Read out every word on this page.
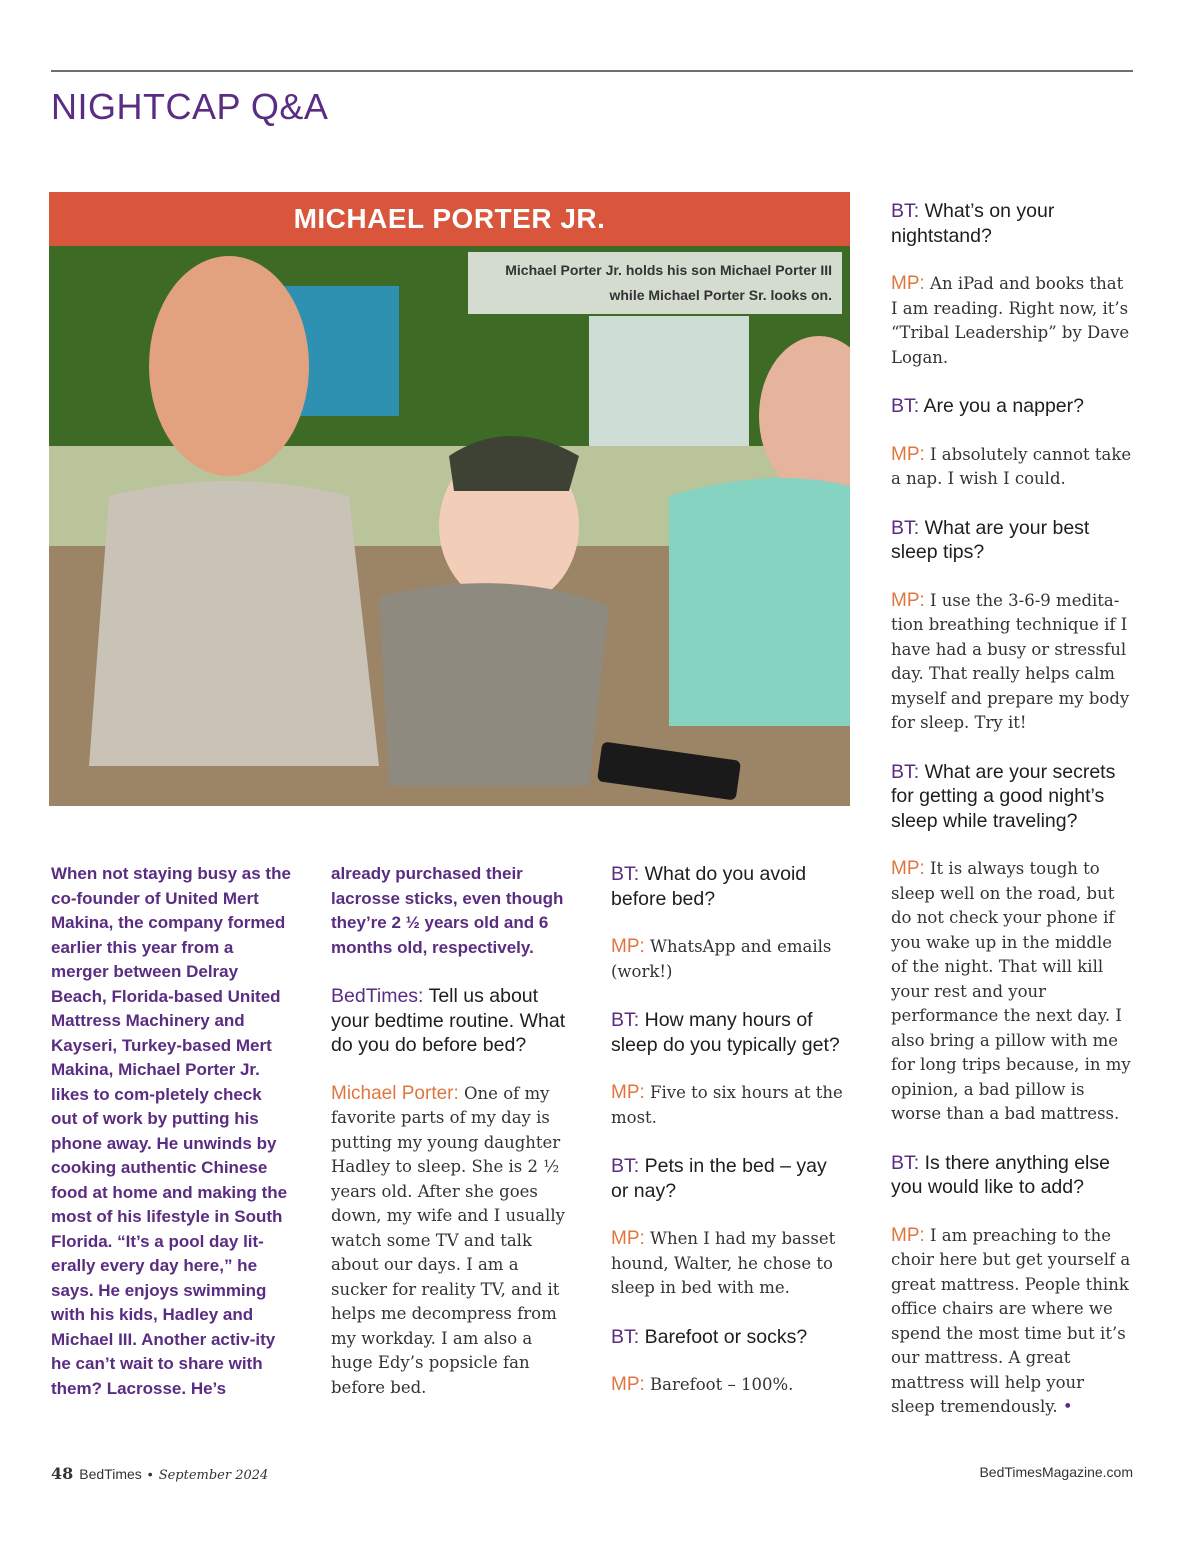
NIGHTCAP Q&A
MICHAEL PORTER JR.
Michael Porter Jr. holds his son Michael Porter III
while Michael Porter Sr. looks on.

When not staying busy as the co-founder of United Mert Makina, the company formed earlier this year from a merger between Delray Beach, Florida-based United Mattress Machinery and Kayseri, Turkey-based Mert Makina, Michael Porter Jr. likes to com-pletely check out of work by putting his phone away. He unwinds by cooking authentic Chinese food at home and making the most of his lifestyle in South Florida. “It’s a pool day lit-erally every day here,” he says. He enjoys swimming with his kids, Hadley and Michael III. Another activ-ity he can’t wait to share with them? Lacrosse. He’s

already purchased their lacrosse sticks, even though they’re 2 ½ years old and 6 months old, respectively.

BedTimes: Tell us about your bedtime routine. What do you do before bed?

Michael Porter: One of my favorite parts of my day is putting my young daughter Hadley to sleep. She is 2 ½ years old. After she goes down, my wife and I usually watch some TV and talk about our days. I am a sucker for reality TV, and it helps me decompress from my workday. I am also a huge Edy’s popsicle fan before bed.

BT: What do you avoid before bed?

MP: WhatsApp and emails (work!)

BT: How many hours of sleep do you typically get?

MP: Five to six hours at the most.

BT: Pets in the bed – yay or nay?

MP: When I had my basset hound, Walter, he chose to sleep in bed with me.

BT: Barefoot or socks?

MP: Barefoot – 100%.

BT: What’s on your nightstand?

MP: An iPad and books that I am reading. Right now, it’s “Tribal Leadership” by Dave Logan.

BT: Are you a napper?

MP: I absolutely cannot take a nap. I wish I could.

BT: What are your best sleep tips?

MP: I use the 3-6-9 medita-tion breathing technique if I have had a busy or stressful day. That really helps calm myself and prepare my body for sleep. Try it!

BT: What are your secrets for getting a good night’s sleep while traveling?

MP: It is always tough to sleep well on the road, but do not check your phone if you wake up in the middle of the night. That will kill your rest and your performance the next day. I also bring a pillow with me for long trips because, in my opinion, a bad pillow is worse than a bad mattress.

BT: Is there anything else you would like to add?

MP: I am preaching to the choir here but get yourself a great mattress. People think office chairs are where we spend the most time but it’s our mattress. A great mattress will help your sleep tremendously. •

48 BedTimes • September 2024	BedTimesMagazine.com
